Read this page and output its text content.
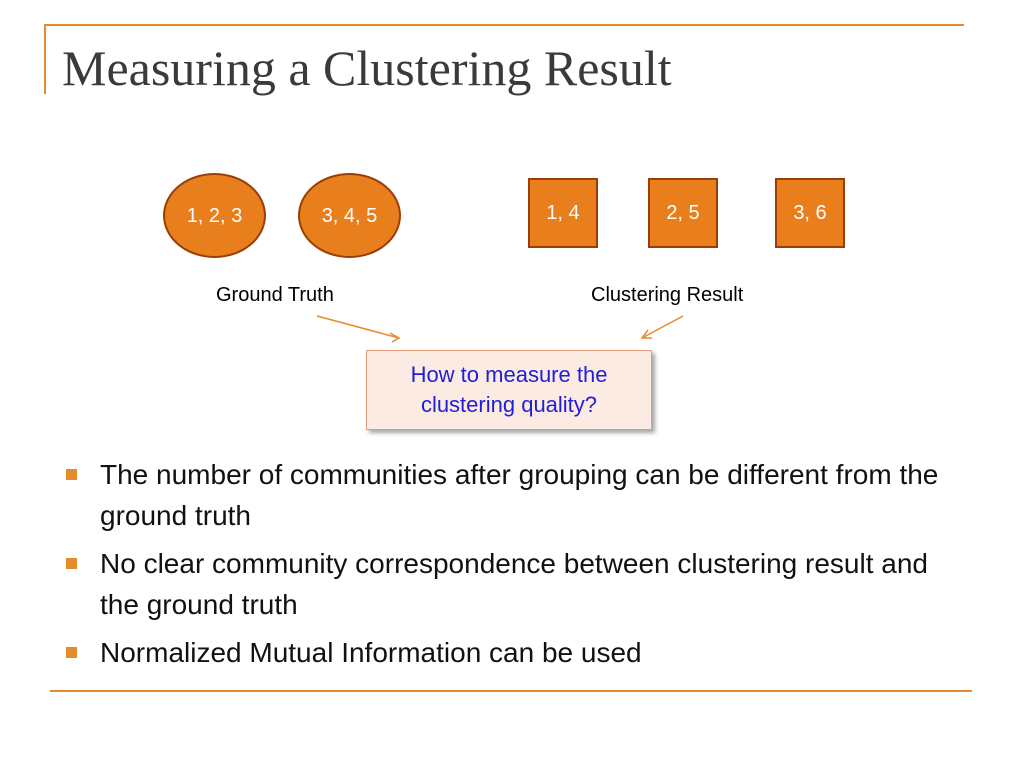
Measuring a Clustering Result
1, 2, 3	3, 4, 5	1, 4	2, 5	3, 6
Ground Truth	Clustering Result
How to measure the clustering quality?
The number of communities after grouping can be different from the ground truth
No clear community correspondence between clustering result and the ground truth
Normalized Mutual Information can be used
